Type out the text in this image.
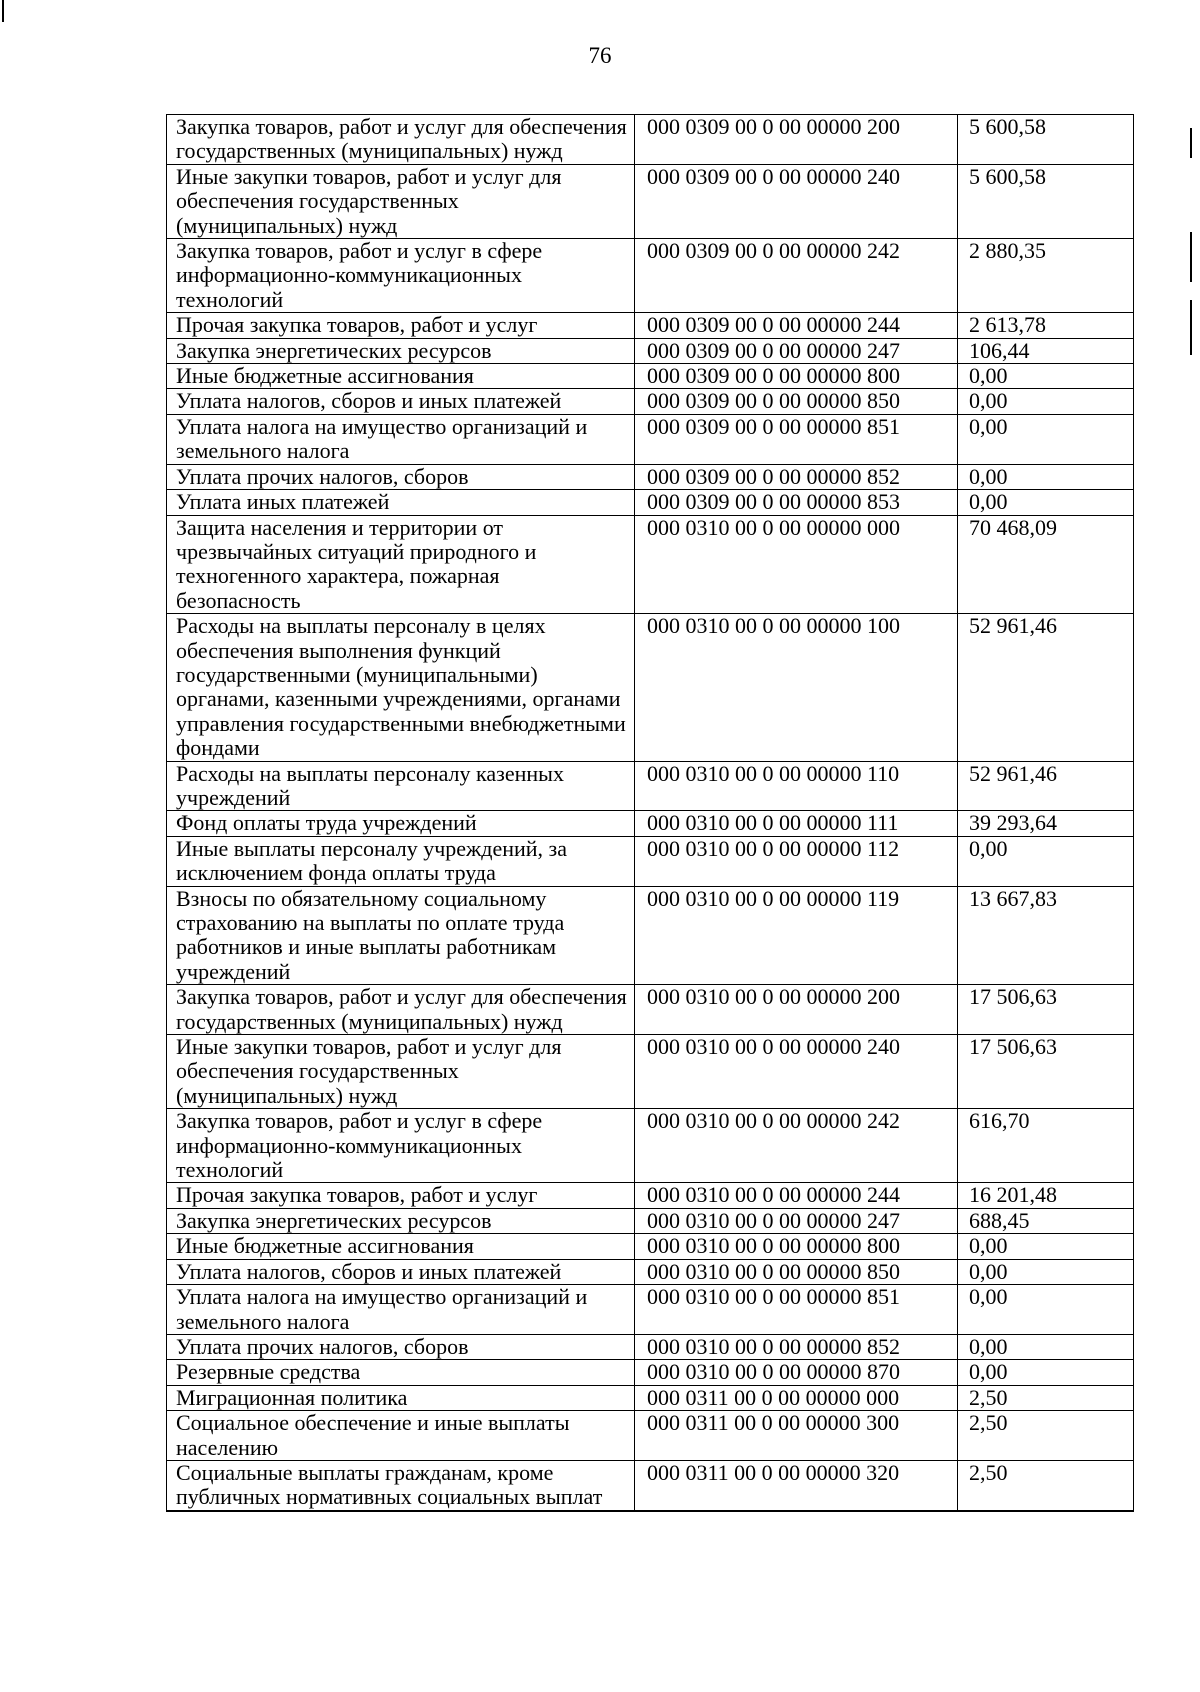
76
Закупка товаров, работ и услуг для обеспечения государственных (муниципальных) нужд	000 0309 00 0 00 00000 200	5 600,58
Иные закупки товаров, работ и услуг для обеспечения государственных (муниципальных) нужд	000 0309 00 0 00 00000 240	5 600,58
Закупка товаров, работ и услуг в сфере информационно-коммуникационных технологий	000 0309 00 0 00 00000 242	2 880,35
Прочая закупка товаров, работ и услуг	000 0309 00 0 00 00000 244	2 613,78
Закупка энергетических ресурсов	000 0309 00 0 00 00000 247	106,44
Иные бюджетные ассигнования	000 0309 00 0 00 00000 800	0,00
Уплата налогов, сборов и иных платежей	000 0309 00 0 00 00000 850	0,00
Уплата налога на имущество организаций и земельного налога	000 0309 00 0 00 00000 851	0,00
Уплата прочих налогов, сборов	000 0309 00 0 00 00000 852	0,00
Уплата иных платежей	000 0309 00 0 00 00000 853	0,00
Защита населения и территории от чрезвычайных ситуаций природного и техногенного характера, пожарная безопасность	000 0310 00 0 00 00000 000	70 468,09
Расходы на выплаты персоналу в целях обеспечения выполнения функций государственными (муниципальными) органами, казенными учреждениями, органами управления государственными внебюджетными фондами	000 0310 00 0 00 00000 100	52 961,46
Расходы на выплаты персоналу казенных учреждений	000 0310 00 0 00 00000 110	52 961,46
Фонд оплаты труда учреждений	000 0310 00 0 00 00000 111	39 293,64
Иные выплаты персоналу учреждений, за исключением фонда оплаты труда	000 0310 00 0 00 00000 112	0,00
Взносы по обязательному социальному страхованию на выплаты по оплате труда работников и иные выплаты работникам учреждений	000 0310 00 0 00 00000 119	13 667,83
Закупка товаров, работ и услуг для обеспечения государственных (муниципальных) нужд	000 0310 00 0 00 00000 200	17 506,63
Иные закупки товаров, работ и услуг для обеспечения государственных (муниципальных) нужд	000 0310 00 0 00 00000 240	17 506,63
Закупка товаров, работ и услуг в сфере информационно-коммуникационных технологий	000 0310 00 0 00 00000 242	616,70
Прочая закупка товаров, работ и услуг	000 0310 00 0 00 00000 244	16 201,48
Закупка энергетических ресурсов	000 0310 00 0 00 00000 247	688,45
Иные бюджетные ассигнования	000 0310 00 0 00 00000 800	0,00
Уплата налогов, сборов и иных платежей	000 0310 00 0 00 00000 850	0,00
Уплата налога на имущество организаций и земельного налога	000 0310 00 0 00 00000 851	0,00
Уплата прочих налогов, сборов	000 0310 00 0 00 00000 852	0,00
Резервные средства	000 0310 00 0 00 00000 870	0,00
Миграционная политика	000 0311 00 0 00 00000 000	2,50
Социальное обеспечение и иные выплаты населению	000 0311 00 0 00 00000 300	2,50
Социальные выплаты гражданам, кроме публичных нормативных социальных выплат	000 0311 00 0 00 00000 320	2,50
